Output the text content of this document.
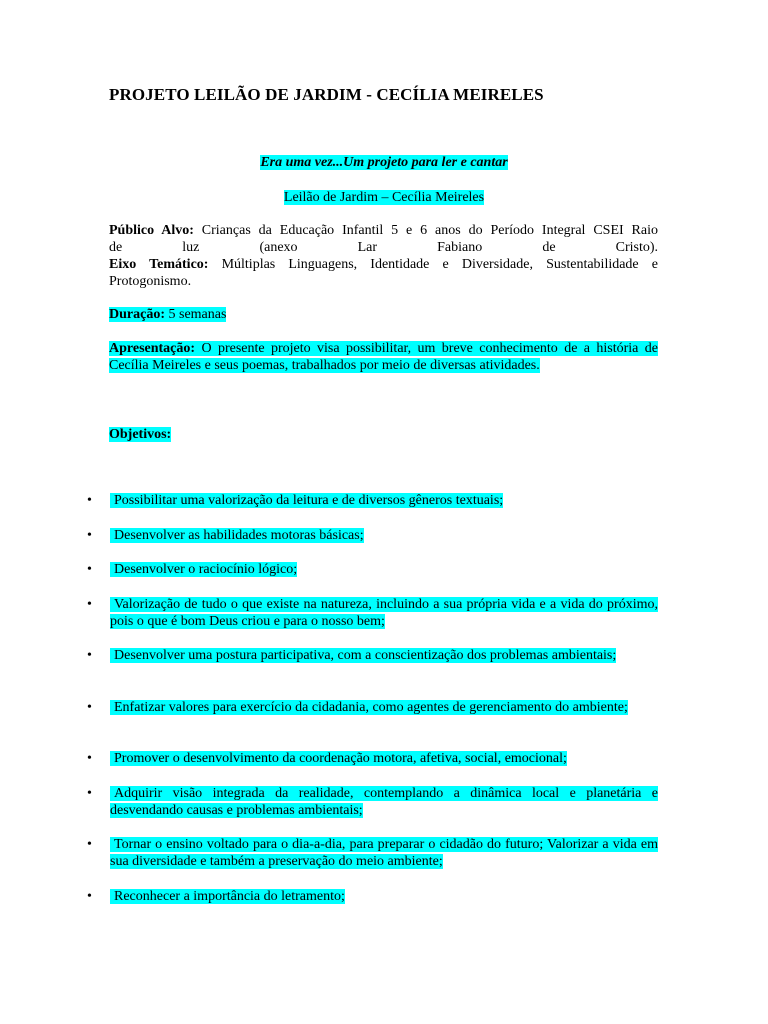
PROJETO LEILÃO DE JARDIM - CECÍLIA MEIRELES
Era uma vez...Um projeto para ler e cantar
Leilão de Jardim – Cecília Meireles

Público Alvo: Crianças da Educação Infantil 5 e 6 anos do Período Integral CSEI Raio

de luz (anexo Lar Fabiano de Cristo).

Eixo Temático: Múltiplas Linguagens, Identidade e Diversidade, Sustentabilidade e Protogonismo.

Duração: 5 semanas
Apresentação: O presente projeto visa possibilitar, um breve conhecimento de a história de Cecília Meireles e seus poemas, trabalhados por meio de diversas atividades.
Objetivos:
•	Possibilitar uma valorização da leitura e de diversos gêneros textuais;
•	Desenvolver as habilidades motoras básicas;
•	Desenvolver o raciocínio lógico;
•	Valorização de tudo o que existe na natureza, incluindo a sua própria vida e a vida do próximo, pois o que é bom Deus criou e para o nosso bem;
•	Desenvolver uma postura participativa, com a conscientização dos problemas ambientais;
•	Enfatizar valores para exercício da cidadania, como agentes de gerenciamento do ambiente;
•	Promover o desenvolvimento da coordenação motora, afetiva, social, emocional;
•	Adquirir visão integrada da realidade, contemplando a dinâmica local e planetária e desvendando causas e problemas ambientais;
•	Tornar o ensino voltado para o dia-a-dia, para preparar o cidadão do futuro; Valorizar a vida em sua diversidade e também a preservação do meio ambiente;
•	Reconhecer a importância do letramento;
